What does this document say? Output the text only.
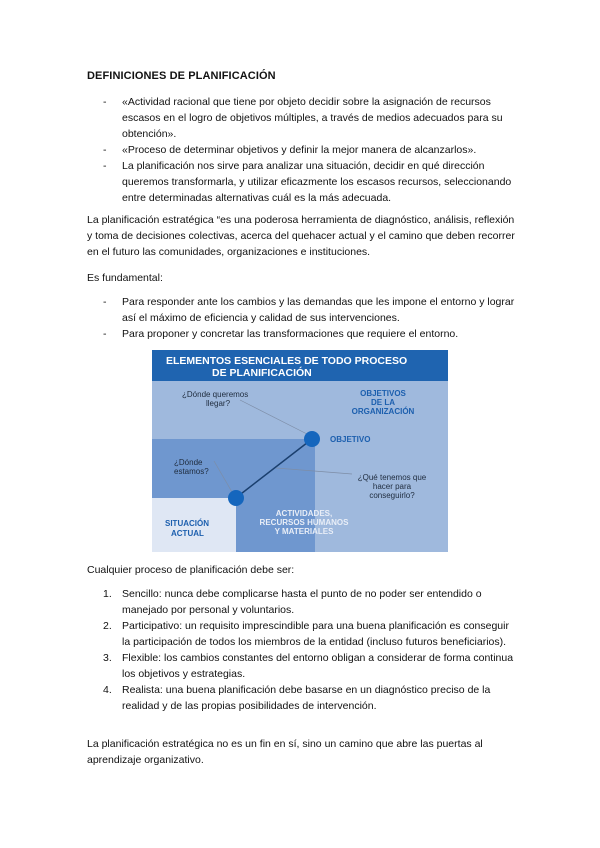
DEFINICIONES DE PLANIFICACIÓN
- «Actividad racional que tiene por objeto decidir sobre la asignación de recursos escasos en el logro de objetivos múltiples, a través de medios adecuados para su obtención».
- «Proceso de determinar objetivos y definir la mejor manera de alcanzarlos».
- La planificación nos sirve para analizar una situación, decidir en qué dirección queremos transformarla, y utilizar eficazmente los escasos recursos, seleccionando entre determinadas alternativas cuál es la más adecuada.
La planificación estratégica “es una poderosa herramienta de diagnóstico, análisis, reflexión y toma de decisiones colectivas, acerca del quehacer actual y el camino que deben recorrer en el futuro las comunidades, organizaciones e instituciones.
Es fundamental:
- Para responder ante los cambios y las demandas que les impone el entorno y lograr así el máximo de eficiencia y calidad de sus intervenciones.
- Para proponer y concretar las transformaciones que requiere el entorno.
ELEMENTOS ESENCIALES DE TODO PROCESO
DE PLANIFICACIÓN
¿Dónde queremos
llegar?
OBJETIVOS
DE LA
ORGANIZACIÓN
OBJETIVO
¿Dónde
estamos?
¿Qué tenemos que
hacer para
conseguirlo?
ACTIVIDADES,
RECURSOS HUMANOS
Y MATERIALES
SITUACIÓN
ACTUAL
Cualquier proceso de planificación debe ser:
1. Sencillo: nunca debe complicarse hasta el punto de no poder ser entendido o manejado por personal y voluntarios.
2. Participativo: un requisito imprescindible para una buena planificación es conseguir la participación de todos los miembros de la entidad (incluso futuros beneficiarios).
3. Flexible: los cambios constantes del entorno obligan a considerar de forma continua los objetivos y estrategias.
4. Realista: una buena planificación debe basarse en un diagnóstico preciso de la realidad y de las propias posibilidades de intervención.
La planificación estratégica no es un fin en sí, sino un camino que abre las puertas al aprendizaje organizativo.
